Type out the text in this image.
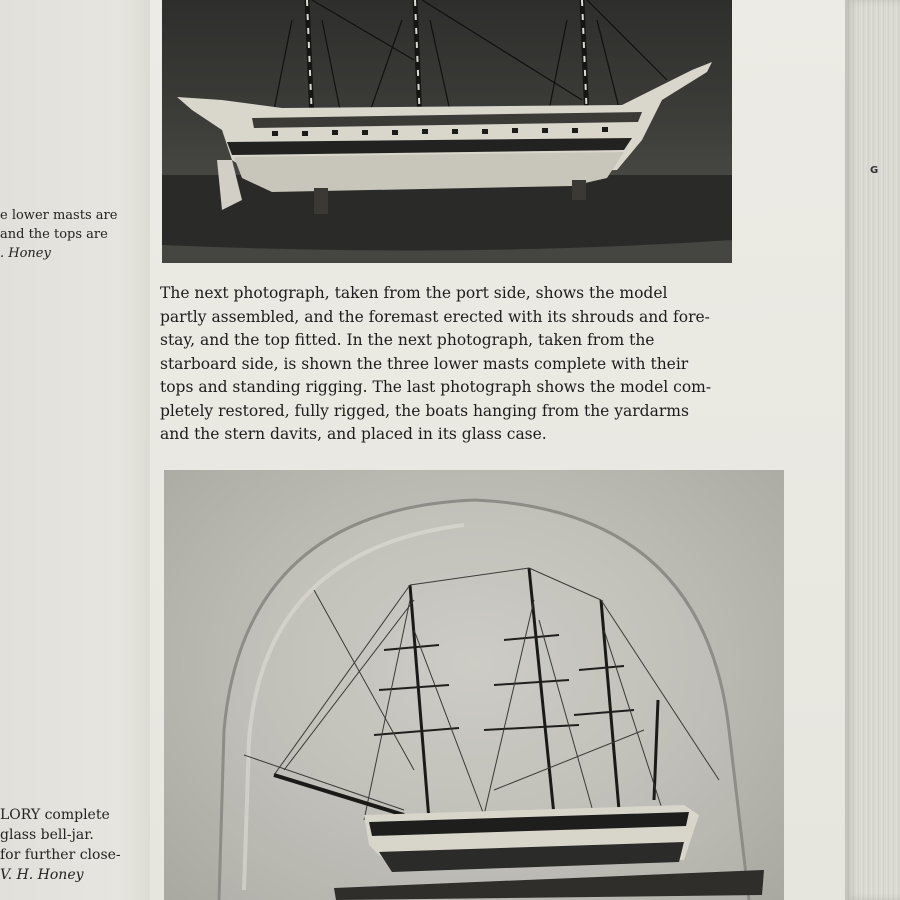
e lower masts are
and the tops are
. Honey
LORY complete
glass bell-jar.
for further close-
V. H. Honey
G
The next photograph, taken from the port side, shows the model
partly assembled, and the foremast erected with its shrouds and fore-
stay, and the top fitted. In the next photograph, taken from the
starboard side, is shown the three lower masts complete with their
tops and standing rigging. The last photograph shows the model com-
pletely restored, fully rigged, the boats hanging from the yardarms
and the stern davits, and placed in its glass case.
